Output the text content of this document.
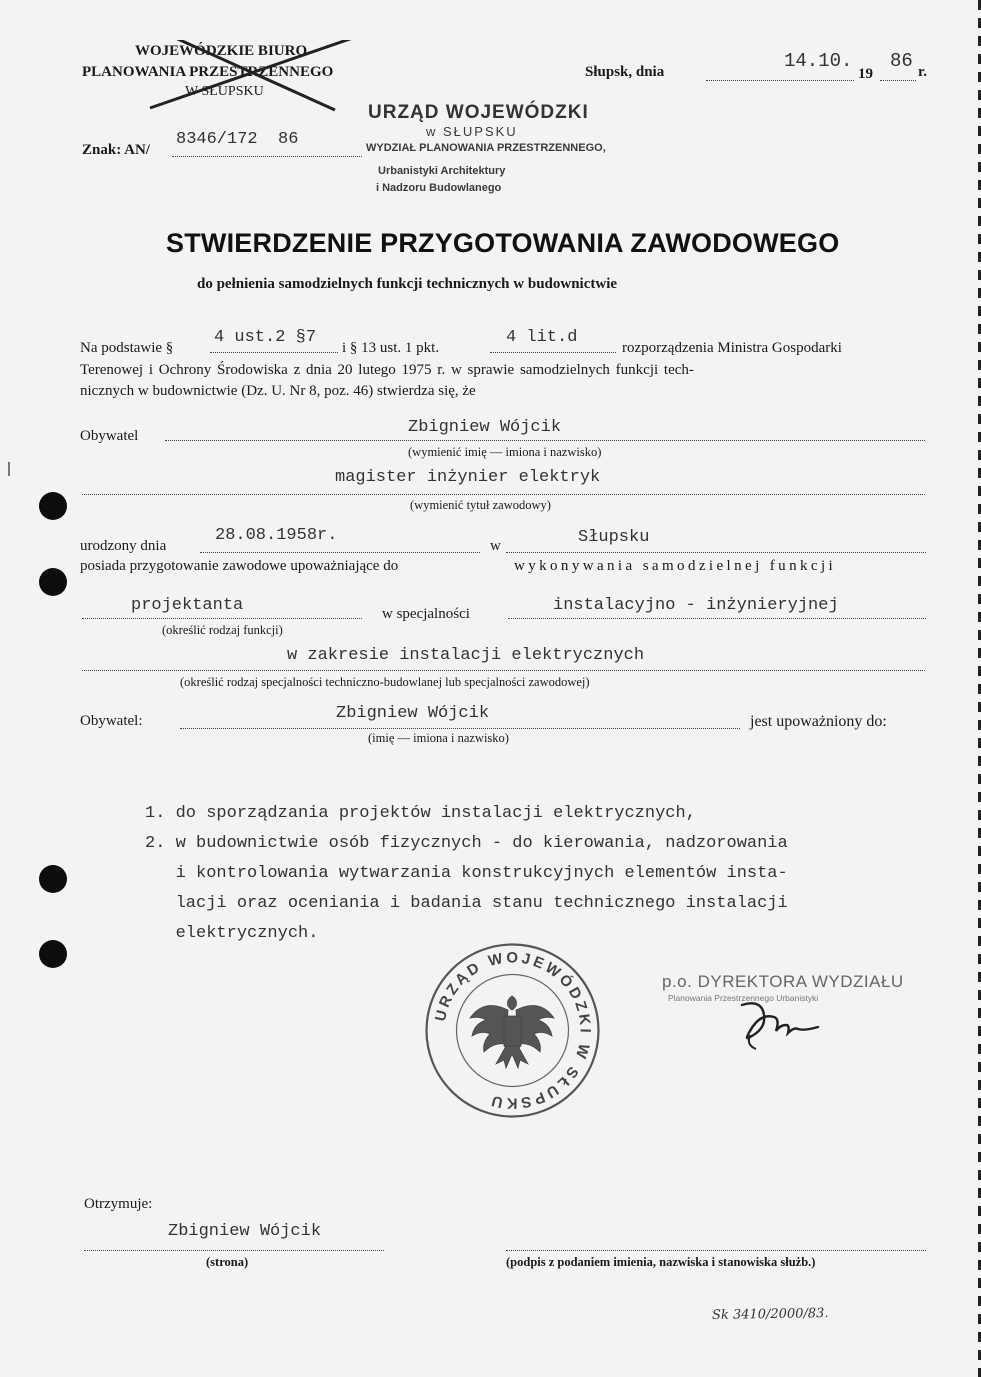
WOJEWÓDZKIE BIURO
PLANOWANIA PRZESTRZENNEGO
W SŁUPSKU
Słupsk, dnia	14.10.
19
86 r.
URZĄD WOJEWÓDZKI
w SŁUPSKU
WYDZIAŁ PLANOWANIA PRZESTRZENNEGO,
Urbanistyki Architektury
i Nadzoru Budowlanego
Znak: AN/
8346/172  86
STWIERDZENIE PRZYGOTOWANIA ZAWODOWEGO
do pełnienia samodzielnych funkcji technicznych w budownictwie
Na podstawie §
4 ust.2 §7
i § 13 ust. 1 pkt.
4 lit.d
rozporządzenia Ministra Gospodarki
Terenowej i Ochrony Środowiska z dnia 20 lutego 1975 r. w sprawie samodzielnych funkcji tech-
nicznych w budownictwie (Dz. U. Nr 8, poz. 46) stwierdza się, że
Obywatel	Zbigniew Wójcik
(wymienić imię — imiona i nazwisko)
magister inżynier elektryk
(wymienić tytuł zawodowy)
urodzony dnia
28.08.1958r.
w	Słupsku
posiada przygotowanie zawodowe upoważniające do	wykonywania samodzielnej funkcji
projektanta
(określić rodzaj funkcji)
w specjalności	instalacyjno - inżynieryjnej
w zakresie instalacji elektrycznych
(określić rodzaj specjalności techniczno-budowlanej lub specjalności zawodowej)
Obywatel:	Zbigniew Wójcik
(imię — imiona i nazwisko)
jest upoważniony do:
1. do sporządzania projektów instalacji elektrycznych,
2. w budownictwie osób fizycznych - do kierowania, nadzorowania
i kontrolowania wytwarzania konstrukcyjnych elementów insta-
lacji oraz oceniania i badania stanu technicznego instalacji
elektrycznych.
URZĄD WOJEWÓDZKI W SŁUPSKU
p.o. DYREKTORA WYDZIAŁU
Planowania Przestrzennego Urbanistyki
Otrzymuje:
Zbigniew Wójcik
(strona)	(podpis z podaniem imienia, nazwiska i stanowiska służb.)
Sk 3410/2000/83.
